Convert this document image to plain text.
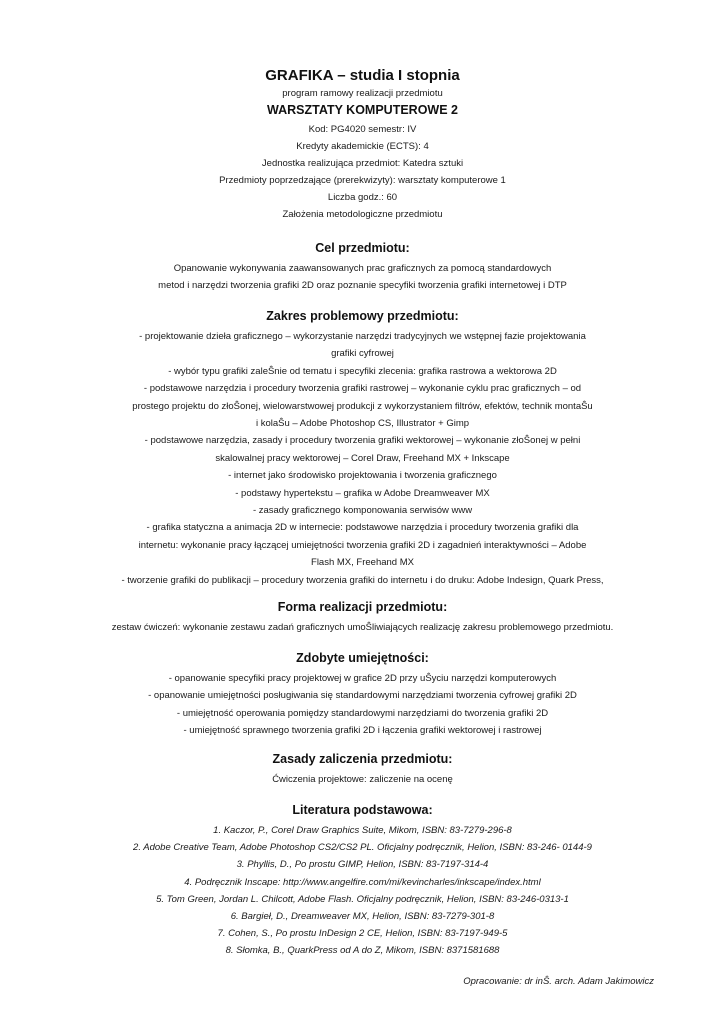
GRAFIKA – studia I stopnia

program ramowy realizacji przedmiotu

WARSZTATY KOMPUTEROWE 2

Kod: PG4020 semestr: IV

Kredyty akademickie (ECTS): 4

Jednostka realizująca przedmiot: Katedra sztuki

Przedmioty poprzedzające (prerekwizyty): warsztaty komputerowe 1

Liczba godz.: 60

Założenia metodologiczne przedmiotu

Cel przedmiotu:

Opanowanie wykonywania zaawansowanych prac graficznych za pomocą standardowych

metod i narzędzi tworzenia grafiki 2D oraz poznanie specyfiki tworzenia grafiki internetowej i DTP

Zakres problemowy przedmiotu:

- projektowanie dzieła graficznego – wykorzystanie narzędzi tradycyjnych we wstępnej fazie projektowania

grafiki cyfrowej

- wybór typu grafiki zaleŜnie od tematu i specyfiki zlecenia: grafika rastrowa a wektorowa 2D

- podstawowe narzędzia i procedury tworzenia grafiki rastrowej – wykonanie cyklu prac graficznych – od

prostego projektu do złoŜonej, wielowarstwowej produkcji z wykorzystaniem filtrów, efektów, technik montaŜu

i kolaŜu – Adobe Photoshop CS, Illustrator + Gimp

- podstawowe narzędzia, zasady i procedury tworzenia grafiki wektorowej – wykonanie złoŜonej w pełni

skalowalnej pracy wektorowej – Corel Draw, Freehand MX + Inkscape

- internet jako środowisko projektowania i tworzenia graficznego

- podstawy hypertekstu – grafika w Adobe Dreamweaver MX

- zasady graficznego komponowania serwisów www

- grafika statyczna a animacja 2D w internecie: podstawowe narzędzia i procedury tworzenia grafiki dla

internetu: wykonanie pracy łączącej umiejętności tworzenia grafiki 2D i zagadnień interaktywności – Adobe

Flash MX, Freehand MX

- tworzenie grafiki do publikacji – procedury tworzenia grafiki do internetu i do druku: Adobe Indesign, Quark Press,

Forma realizacji przedmiotu:

zestaw ćwiczeń: wykonanie zestawu zadań graficznych umoŜliwiających realizację zakresu problemowego przedmiotu.

Zdobyte umiejętności:

- opanowanie specyfiki pracy projektowej w grafice 2D przy uŜyciu narzędzi komputerowych

- opanowanie umiejętności posługiwania się standardowymi narzędziami tworzenia cyfrowej grafiki 2D

- umiejętność operowania pomiędzy standardowymi narzędziami do tworzenia grafiki 2D

- umiejętność sprawnego tworzenia grafiki 2D i łączenia grafiki wektorowej i rastrowej

Zasady zaliczenia przedmiotu:

Ćwiczenia projektowe: zaliczenie na ocenę

Literatura podstawowa:

1. Kaczor, P., Corel Draw Graphics Suite, Mikom, ISBN: 83-7279-296-8

2. Adobe Creative Team, Adobe Photoshop CS2/CS2 PL. Oficjalny podręcznik, Helion, ISBN: 83-246- 0144-9

3. Phyllis, D., Po prostu GIMP, Helion, ISBN: 83-7197-314-4

4. Podręcznik Inscape: http://www.angelfire.com/mi/kevincharles/inkscape/index.html

5. Tom Green, Jordan L. Chilcott, Adobe Flash. Oficjalny podręcznik, Helion, ISBN: 83-246-0313-1

6. Bargieł, D., Dreamweaver MX, Helion, ISBN: 83-7279-301-8

7. Cohen, S., Po prostu InDesign 2 CE, Helion, ISBN: 83-7197-949-5

8. Słomka, B., QuarkPress od A do Z, Mikom, ISBN: 8371581688

Opracowanie: dr inŜ. arch. Adam Jakimowicz
